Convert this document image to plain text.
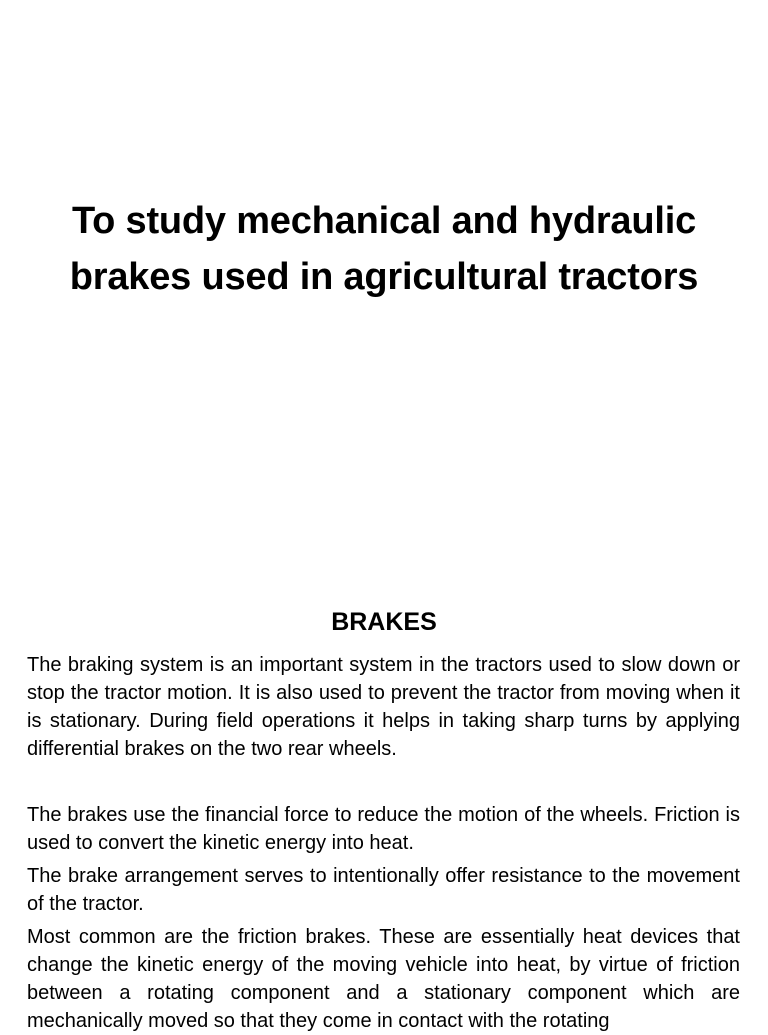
To study mechanical and hydraulic brakes used in agricultural tractors
BRAKES

The braking system is an important system in the tractors used to slow down or stop the tractor motion. It is also used to prevent the tractor from moving when it is stationary. During field operations it helps in taking sharp turns by applying differential brakes on the two rear wheels.

The brakes use the financial force to reduce the motion of the wheels. Friction is used to convert the kinetic energy into heat.

The brake arrangement serves to intentionally offer resistance to the movement of the tractor.

Most common are the friction brakes. These are essentially heat devices that change the kinetic energy of the moving vehicle into heat, by virtue of friction between a rotating component and a stationary component which are mechanically moved so that they come in contact with the rotating
